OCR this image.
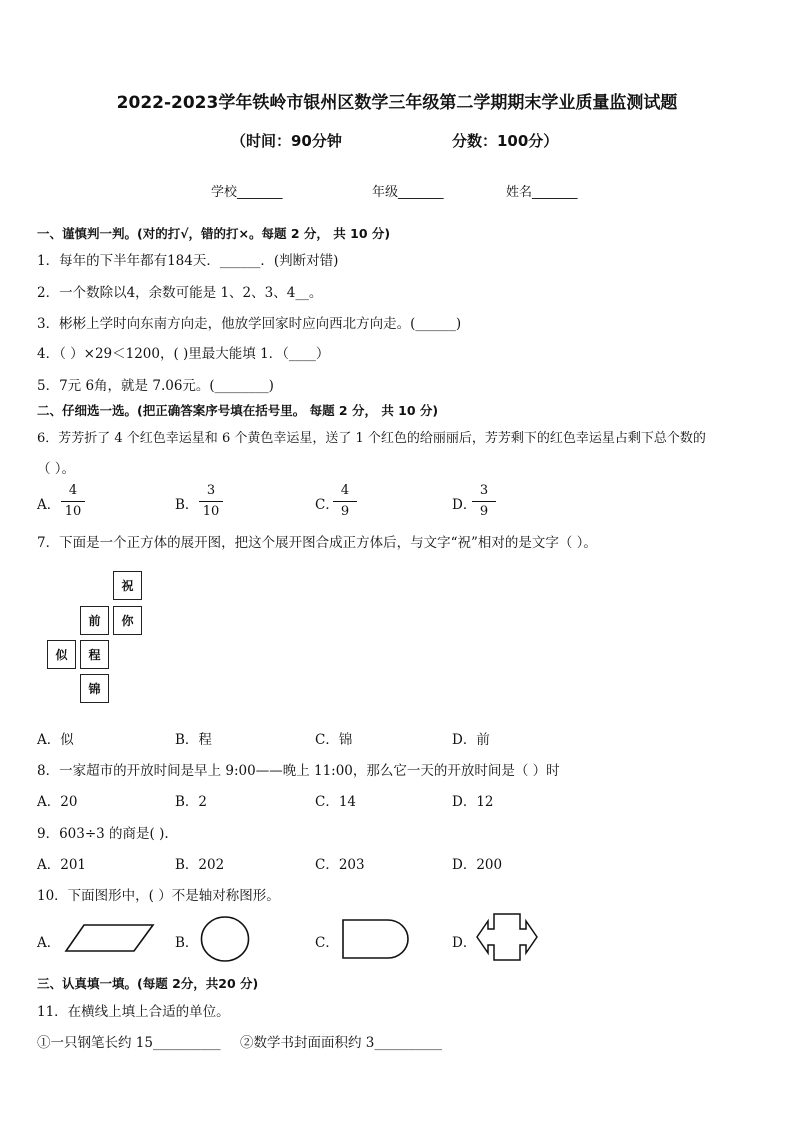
2022-2023学年铁岭市银州区数学三年级第二学期期末学业质量监测试题
（时间：90分钟	分数：100分）
学校_______	年级_______	姓名_______
一、谨慎判一判。(对的打√，错的打×。每题 2 分， 共 10 分)
1．每年的下半年都有184天．______．(判断对错)
2．一个数除以4，余数可能是 1、2、3、4__。
3．彬彬上学时向东南方向走，他放学回家时应向西北方向走。(______)
4．（ ）×29＜1200，( )里最大能填 1．（____）
5．7元 6角，就是 7.06元。(________)
二、仔细选一选。(把正确答案序号填在括号里。 每题 2 分， 共 10 分)
6．芳芳折了 4 个红色幸运星和 6 个黄色幸运星，送了 1 个红色的给丽丽后，芳芳剩下的红色幸运星占剩下总个数的
（ ）。
A．
4
10	B．
3
10	C．
4
9	D．
3
9
7．下面是一个正方体的展开图，把这个展开图合成正方体后，与文字“祝”相对的是文字（ ）。
祝
前	你
似	程
锦
A．似	B．程	C．锦	D．前
8．一家超市的开放时间是早上 9:00——晚上 11:00，那么它一天的开放时间是（ ）时
A．20	B．2	C．14	D．12
9．603÷3 的商是( ).
A．201	B．202	C．203	D．200
10．下面图形中，( ）不是轴对称图形。
A．	B．	C．	D．
三、认真填一填。(每题 2分，共20 分)
11．在横线上填上合适的单位。
①一只钢笔长约 15__________ ②数学书封面面积约 3__________
